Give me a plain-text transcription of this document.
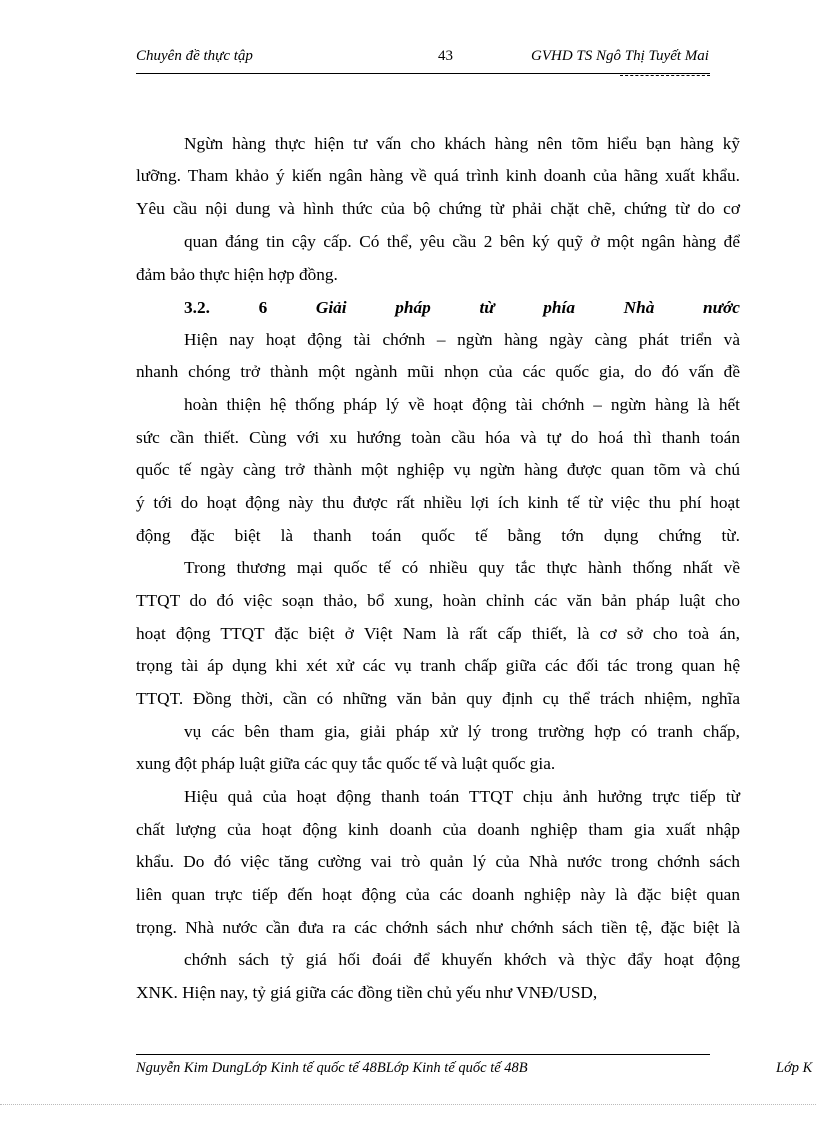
Chuyên đề thực tập	43	GVHD TS Ngô Thị Tuyết Mai
Ngừn hàng thực hiện tư vấn cho khách hàng nên tõm hiểu bạn hàng kỹ
lưỡng. Tham khảo ý kiến ngân hàng về quá trình kinh doanh của hãng xuất khẩu.
Yêu cầu nội dung và hình thức của bộ chứng từ phải chặt chẽ, chứng từ do cơ
quan đáng tin cậy cấp. Có thể, yêu cầu 2 bên ký quỹ ở một ngân hàng để
đảm bảo thực hiện hợp đồng.
3.2.	6	Giải	pháp	từ	phía	Nhà	nước
Hiện nay hoạt động tài chớnh – ngừn hàng ngày càng phát triển và
nhanh chóng trở thành một ngành mũi nhọn của các quốc gia, do đó vấn đề
hoàn thiện hệ thống pháp lý về hoạt động tài chớnh – ngừn hàng là hết
sức cần thiết. Cùng với xu hướng toàn cầu hóa và tự do hoá thì thanh toán
quốc tế ngày càng trở thành một nghiệp vụ ngừn hàng được quan tõm và chú
ý tới do hoạt động này thu được rất nhiều lợi ích kinh tế từ việc thu phí hoạt
động đặc biệt là thanh toán quốc tế bằng tớn dụng chứng từ.
Trong thương mại quốc tế có nhiều quy tắc thực hành thống nhất về
TTQT do đó việc soạn thảo, bổ xung, hoàn chỉnh các văn bản pháp luật cho
hoạt động TTQT đặc biệt ở Việt Nam là rất cấp thiết, là cơ sở cho toà án,
trọng tài áp dụng khi xét xử các vụ tranh chấp giữa các đối tác trong quan hệ
TTQT. Đồng thời, cần có những văn bản quy định cụ thể trách nhiệm, nghĩa
vụ các bên tham gia, giải pháp xử lý trong trường hợp có tranh chấp,
xung đột pháp luật giữa các quy tắc quốc tế và luật quốc gia.
Hiệu quả của hoạt động thanh toán TTQT chịu ảnh hưởng trực tiếp từ
chất lượng của hoạt động kinh doanh của doanh nghiệp tham gia xuất nhập
khẩu. Do đó việc tăng cường vai trò quản lý của Nhà nước trong chớnh sách
liên quan trực tiếp đến hoạt động của các doanh nghiệp này là đặc biệt quan
trọng. Nhà nước cần đưa ra các chớnh sách như chớnh sách tiền tệ, đặc biệt là
chớnh sách tỷ giá hối đoái để khuyến khớch và thỳc đẩy hoạt động
XNK. Hiện nay, tỷ giá giữa các đồng tiền chủ yếu như VNĐ/USD,
Nguyễn Kim DungLớp Kinh tế quốc tế 48BLớp Kinh tế quốc tế 48B	Lớp K
